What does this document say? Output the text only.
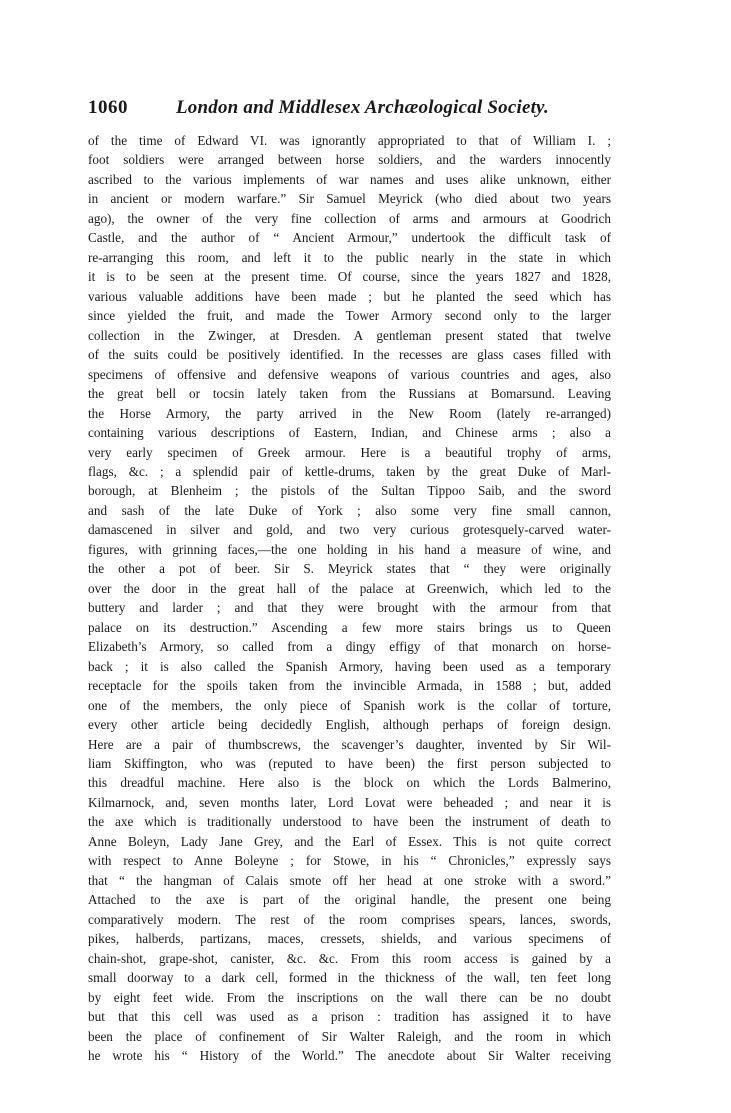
1060	London and Middlesex Archæological Society.
of the time of Edward VI. was ignorantly appropriated to that of William I. ;
foot soldiers were arranged between horse soldiers, and the warders innocently
ascribed to the various implements of war names and uses alike unknown, either
in ancient or modern warfare.” Sir Samuel Meyrick (who died about two years
ago), the owner of the very fine collection of arms and armours at Goodrich
Castle, and the author of “ Ancient Armour,” undertook the difficult task of
re-arranging this room, and left it to the public nearly in the state in which
it is to be seen at the present time. Of course, since the years 1827 and 1828,
various valuable additions have been made ; but he planted the seed which has
since yielded the fruit, and made the Tower Armory second only to the larger
collection in the Zwinger, at Dresden. A gentleman present stated that twelve
of the suits could be positively identified. In the recesses are glass cases filled with
specimens of offensive and defensive weapons of various countries and ages, also
the great bell or tocsin lately taken from the Russians at Bomarsund. Leaving
the Horse Armory, the party arrived in the New Room (lately re-arranged)
containing various descriptions of Eastern, Indian, and Chinese arms ; also a
very early specimen of Greek armour. Here is a beautiful trophy of arms,
flags, &c. ; a splendid pair of kettle-drums, taken by the great Duke of Marl-
borough, at Blenheim ; the pistols of the Sultan Tippoo Saib, and the sword
and sash of the late Duke of York ; also some very fine small cannon,
damascened in silver and gold, and two very curious grotesquely-carved water-
figures, with grinning faces,—the one holding in his hand a measure of wine, and
the other a pot of beer. Sir S. Meyrick states that “ they were originally
over the door in the great hall of the palace at Greenwich, which led to the
buttery and larder ; and that they were brought with the armour from that
palace on its destruction.” Ascending a few more stairs brings us to Queen
Elizabeth’s Armory, so called from a dingy effigy of that monarch on horse-
back ; it is also called the Spanish Armory, having been used as a temporary
receptacle for the spoils taken from the invincible Armada, in 1588 ; but, added
one of the members, the only piece of Spanish work is the collar of torture,
every other article being decidedly English, although perhaps of foreign design.
Here are a pair of thumbscrews, the scavenger’s daughter, invented by Sir Wil-
liam Skiffington, who was (reputed to have been) the first person subjected to
this dreadful machine. Here also is the block on which the Lords Balmerino,
Kilmarnock, and, seven months later, Lord Lovat were beheaded ; and near it is
the axe which is traditionally understood to have been the instrument of death to
Anne Boleyn, Lady Jane Grey, and the Earl of Essex. This is not quite correct
with respect to Anne Boleyne ; for Stowe, in his “ Chronicles,” expressly says
that “ the hangman of Calais smote off her head at one stroke with a sword.”
Attached to the axe is part of the original handle, the present one being
comparatively modern. The rest of the room comprises spears, lances, swords,
pikes, halberds, partizans, maces, cressets, shields, and various specimens of
chain-shot, grape-shot, canister, &c. &c. From this room access is gained by a
small doorway to a dark cell, formed in the thickness of the wall, ten feet long
by eight feet wide. From the inscriptions on the wall there can be no doubt
but that this cell was used as a prison : tradition has assigned it to have
been the place of confinement of Sir Walter Raleigh, and the room in which
he wrote his “ History of the World.” The anecdote about Sir Walter receiving
